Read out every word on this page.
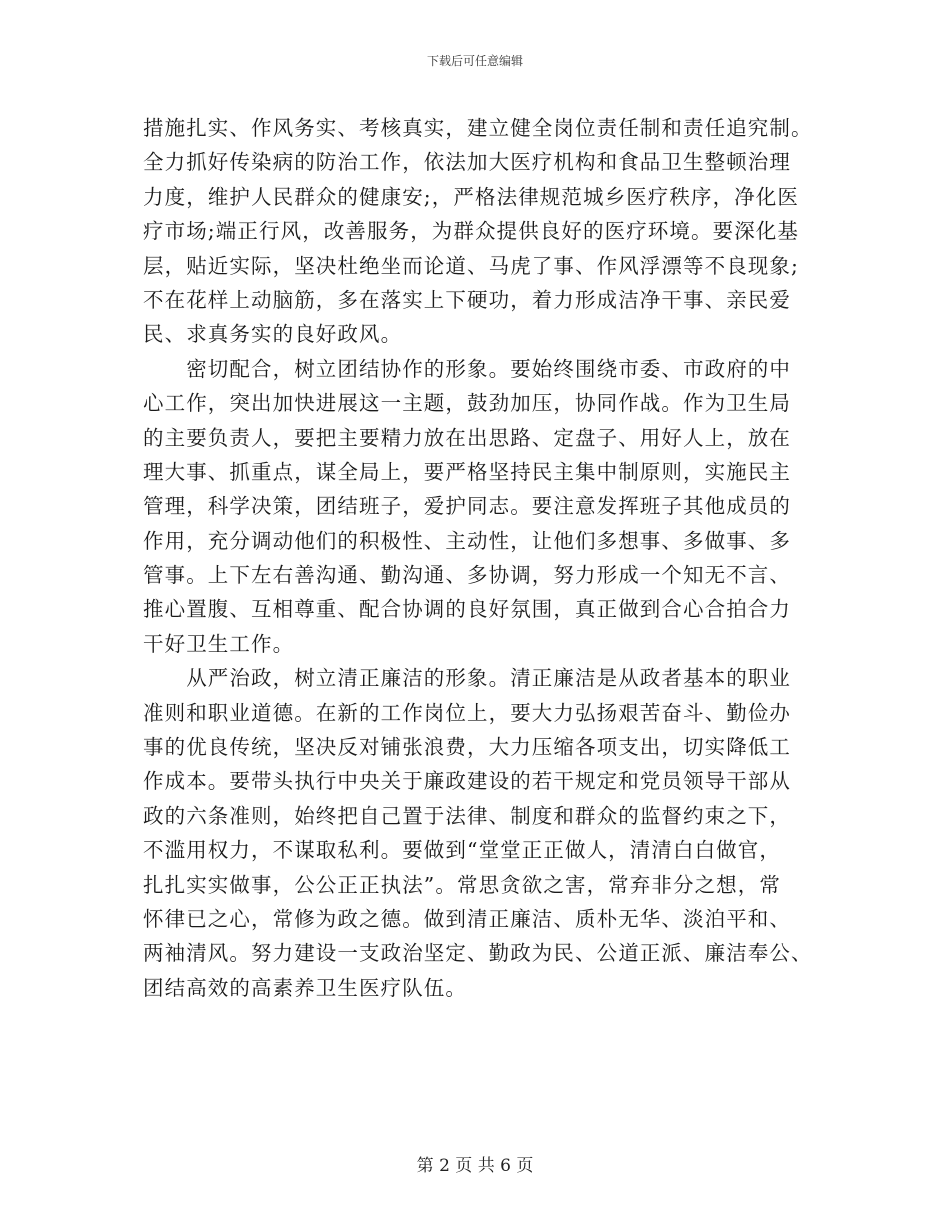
下载后可任意编辑
措施扎实、作风务实、考核真实，建立健全岗位责任制和责任追究制。
全力抓好传染病的防治工作，依法加大医疗机构和食品卫生整顿治理
力度，维护人民群众的健康安;，严格法律规范城乡医疗秩序，净化医
疗市场;端正行风，改善服务，为群众提供良好的医疗环境。要深化基
层，贴近实际，坚决杜绝坐而论道、马虎了事、作风浮漂等不良现象;
不在花样上动脑筋，多在落实上下硬功，着力形成洁净干事、亲民爱
民、求真务实的良好政风。
　　密切配合，树立团结协作的形象。要始终围绕市委、市政府的中
心工作，突出加快进展这一主题，鼓劲加压，协同作战。作为卫生局
的主要负责人，要把主要精力放在出思路、定盘子、用好人上，放在
理大事、抓重点，谋全局上，要严格坚持民主集中制原则，实施民主
管理，科学决策，团结班子，爱护同志。要注意发挥班子其他成员的
作用，充分调动他们的积极性、主动性，让他们多想事、多做事、多
管事。上下左右善沟通、勤沟通、多协调，努力形成一个知无不言、
推心置腹、互相尊重、配合协调的良好氛围，真正做到合心合拍合力
干好卫生工作。
　　从严治政，树立清正廉洁的形象。清正廉洁是从政者基本的职业
准则和职业道德。在新的工作岗位上，要大力弘扬艰苦奋斗、勤俭办
事的优良传统，坚决反对铺张浪费，大力压缩各项支出，切实降低工
作成本。要带头执行中央关于廉政建设的若干规定和党员领导干部从
政的六条准则，始终把自己置于法律、制度和群众的监督约束之下，
不滥用权力，不谋取私利。要做到“堂堂正正做人，清清白白做官，
扎扎实实做事，公公正正执法”。常思贪欲之害，常弃非分之想，常
怀律已之心，常修为政之德。做到清正廉洁、质朴无华、淡泊平和、
两袖清风。努力建设一支政治坚定、勤政为民、公道正派、廉洁奉公、
团结高效的高素养卫生医疗队伍。
第 2 页 共 6 页
